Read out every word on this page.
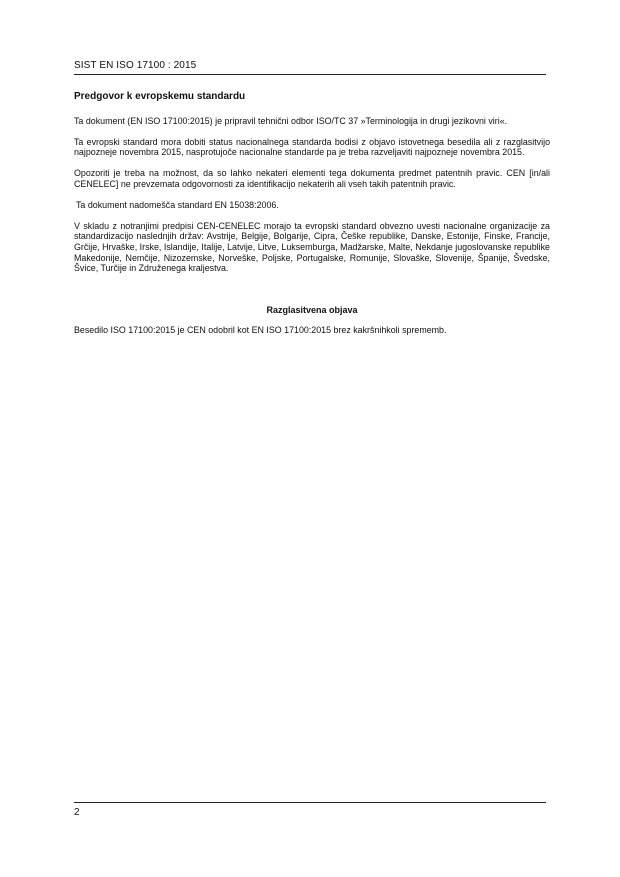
SIST EN ISO 17100 : 2015
Predgovor k evropskemu standardu

Ta dokument (EN ISO 17100:2015) je pripravil tehnični odbor ISO/TC 37 »Terminologija in drugi jezikovni viri«.

Ta evropski standard mora dobiti status nacionalnega standarda bodisi z objavo istovetnega besedila ali z razglasitvijo najpozneje novembra 2015, nasprotujoče nacionalne standarde pa je treba razveljaviti najpozneje novembra 2015.

Opozoriti je treba na možnost, da so lahko nekateri elementi tega dokumenta predmet patentnih pravic. CEN [in/ali CENELEC] ne prevzemata odgovornosti za identifikacijo nekaterih ali vseh takih patentnih pravic.

Ta dokument nadomešča standard EN 15038:2006.

V skladu z notranjimi predpisi CEN-CENELEC morajo ta evropski standard obvezno uvesti nacionalne organizacije za standardizacijo naslednjih držav: Avstrije, Belgije, Bolgarije, Cipra, Češke republike, Danske, Estonije, Finske, Francije, Grčije, Hrvaške, Irske, Islandije, Italije, Latvije, Litve, Luksemburga, Madžarske, Malte, Nekdanje jugoslovanske republike Makedonije, Nemčije, Nizozemske, Norveške, Poljske, Portugalske, Romunije, Slovaške, Slovenije, Španije, Švedske, Švice, Turčije in Združenega kraljestva.

Razglasitvena objava

Besedilo ISO 17100:2015 je CEN odobril kot EN ISO 17100:2015 brez kakršnihkoli sprememb.

2
